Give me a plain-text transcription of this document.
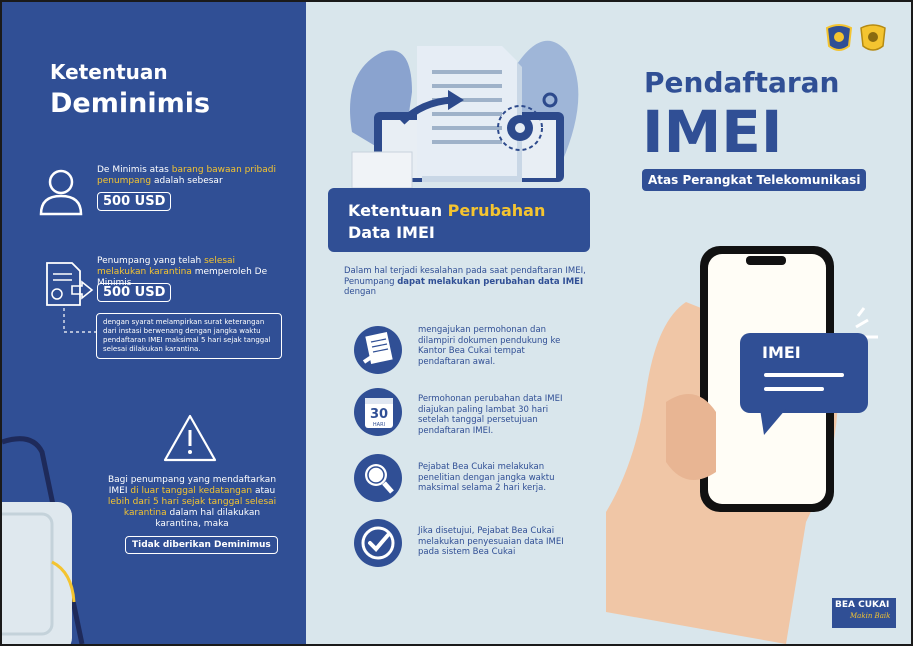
Ketentuan
Deminimis
De Minimis atas barang bawaan pribadi penumpang adalah sebesar
500 USD
Penumpang yang telah selesai melakukan karantina memperoleh De Minimis
500 USD
dengan syarat melampirkan surat keterangan dari instasi berwenang dengan jangka waktu pendaftaran IMEI maksimal 5 hari sejak tanggal selesai dilakukan karantina.
Bagi penumpang yang mendaftarkan IMEI di luar tanggal kedatangan atau lebih dari 5 hari sejak tanggal selesai karantina dalam hal dilakukan karantina, maka
Tidak diberikan Deminimus
Ketentuan Perubahan
Data IMEI
Dalam hal terjadi kesalahan pada saat pendaftaran IMEI, Penumpang dapat melakukan perubahan data IMEI dengan
mengajukan permohonan dan dilampiri dokumen pendukung ke Kantor Bea Cukai tempat pendaftaran awal.
30
HARI
Permohonan perubahan data IMEI diajukan paling lambat 30 hari setelah tanggal persetujuan pendaftaran IMEI.
Pejabat Bea Cukai melakukan penelitian dengan jangka waktu maksimal selama 2 hari kerja.
Jika disetujui, Pejabat Bea Cukai melakukan penyesuaian data IMEI pada sistem Bea Cukai
Pendaftaran
IMEI
Atas Perangkat Telekomunikasi
IMEI
BEA CUKAI
Makin Baik
